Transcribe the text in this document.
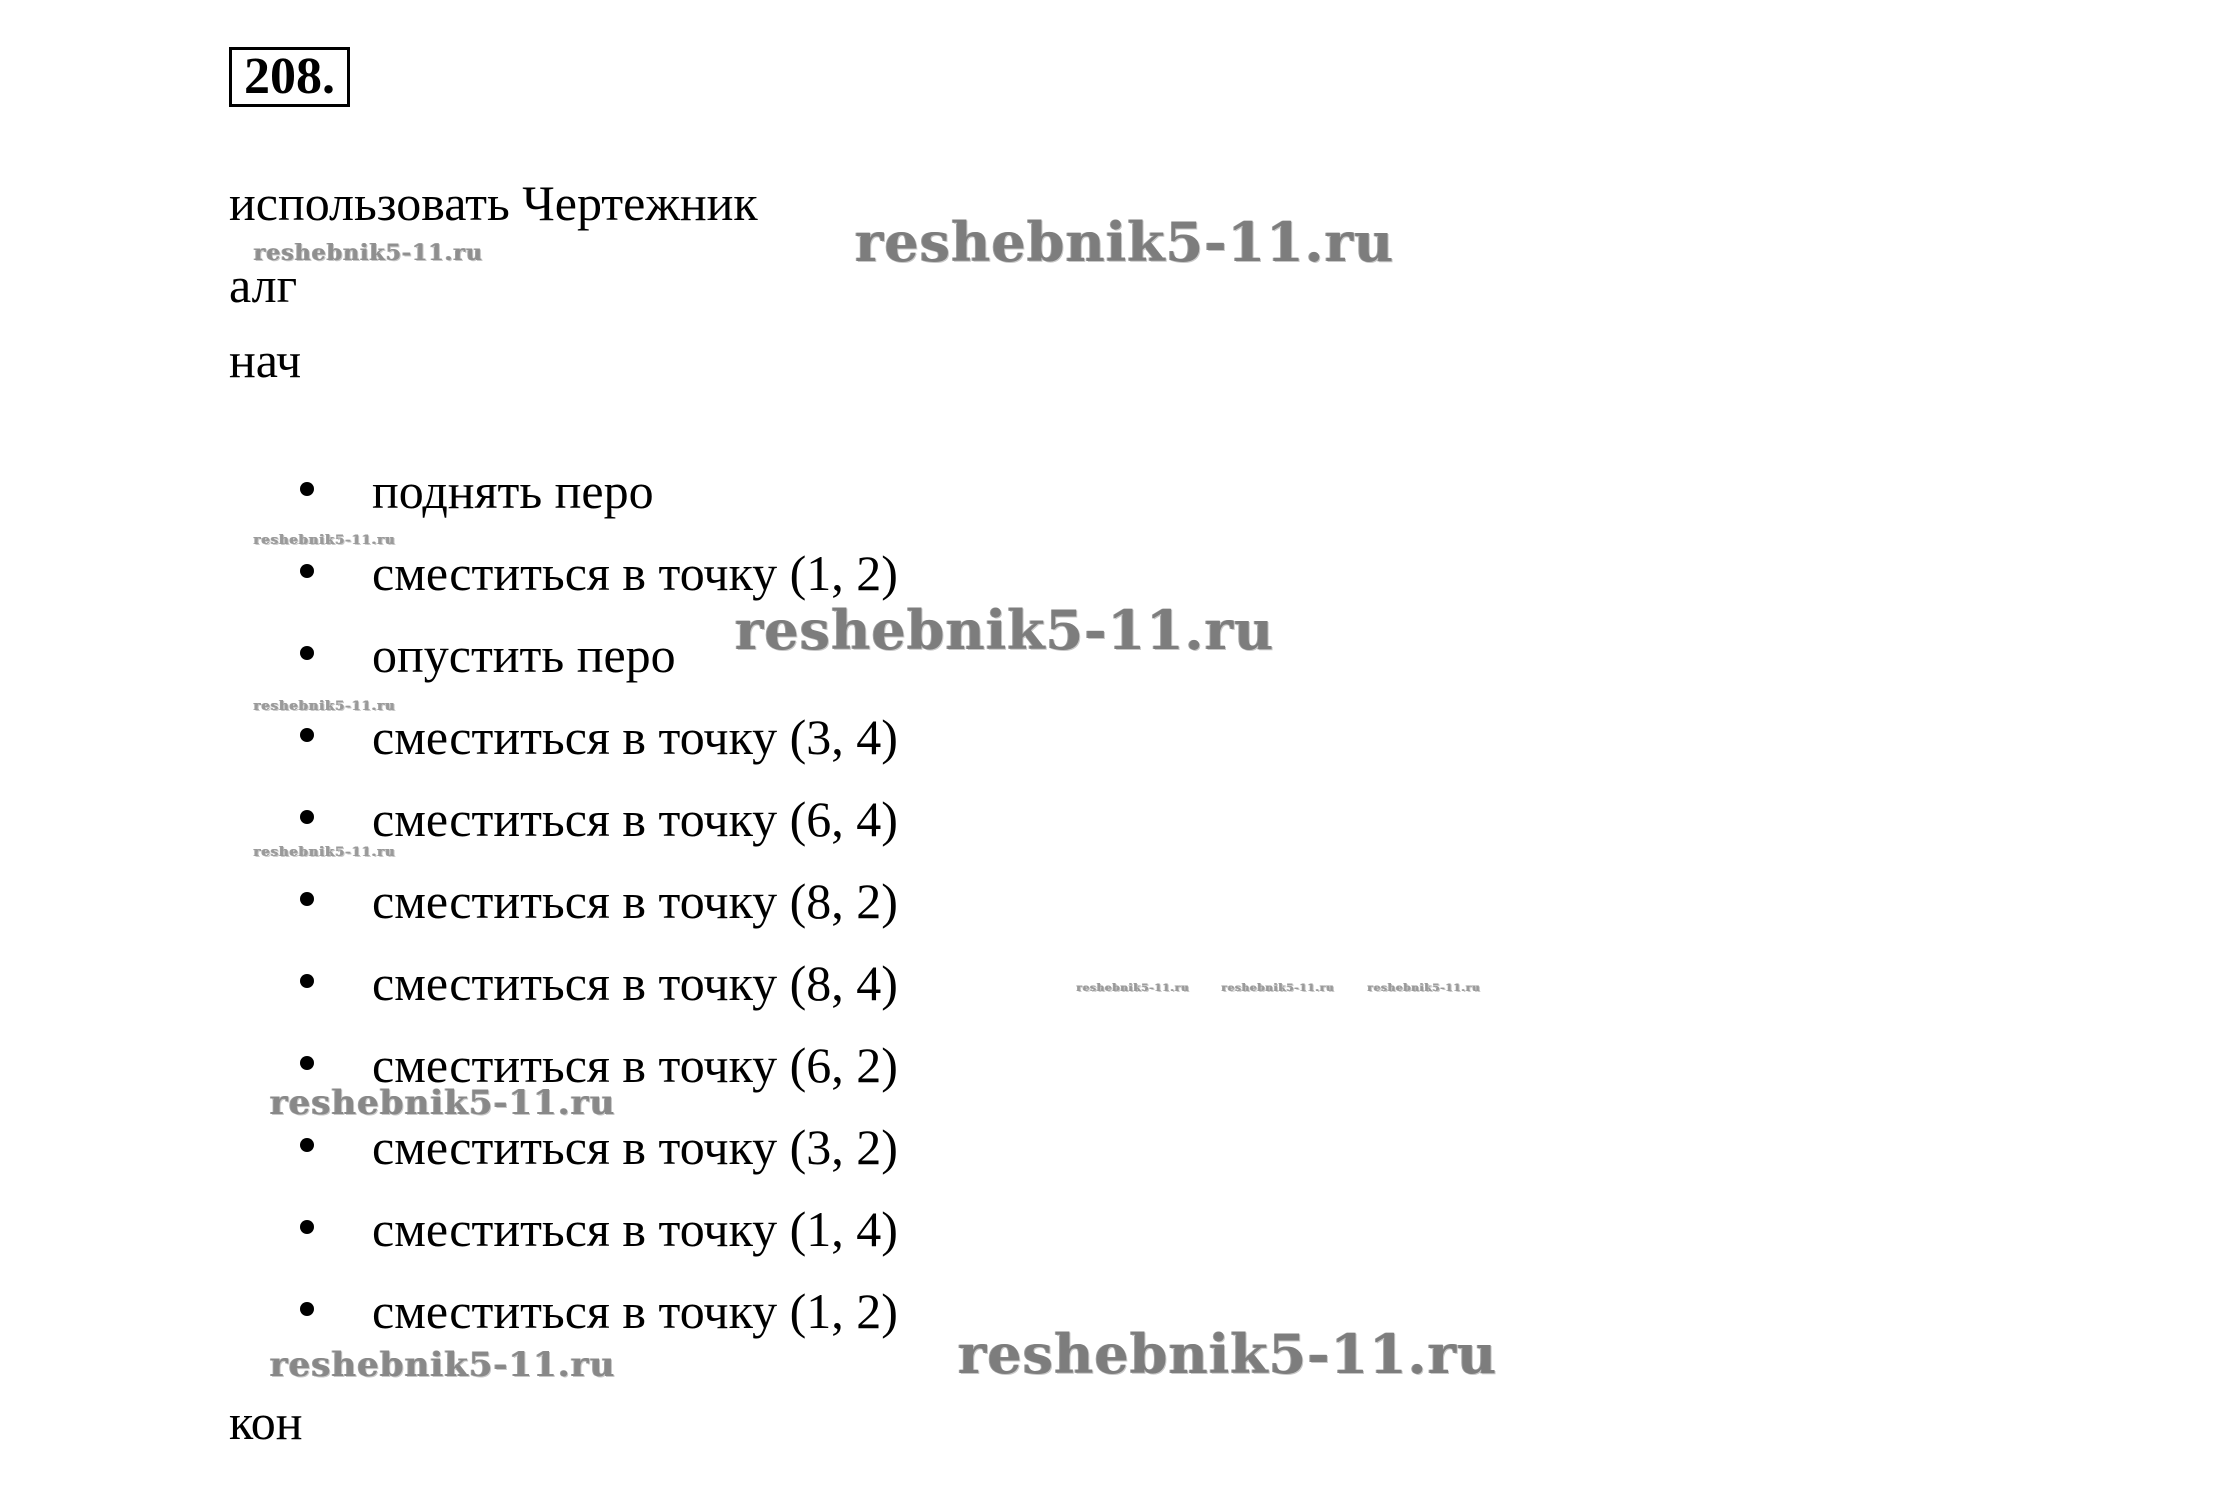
208.
использовать Чертежник
алг
нач
поднять перо
сместиться в точку (1, 2)
опустить перо
сместиться в точку (3, 4)
сместиться в точку (6, 4)
сместиться в точку (8, 2)
сместиться в точку (8, 4)
сместиться в точку (6, 2)
сместиться в точку (3, 2)
сместиться в точку (1, 4)
сместиться в точку (1, 2)
кон
reshebnik5-11.ru
reshebnik5-11.ru
reshebnik5-11.ru
reshebnik5-11.ru
reshebnik5-11.ru
reshebnik5-11.ru
reshebnik5-11.ru	reshebnik5-11.ru	reshebnik5-11.ru
reshebnik5-11.ru
reshebnik5-11.ru
reshebnik5-11.ru
